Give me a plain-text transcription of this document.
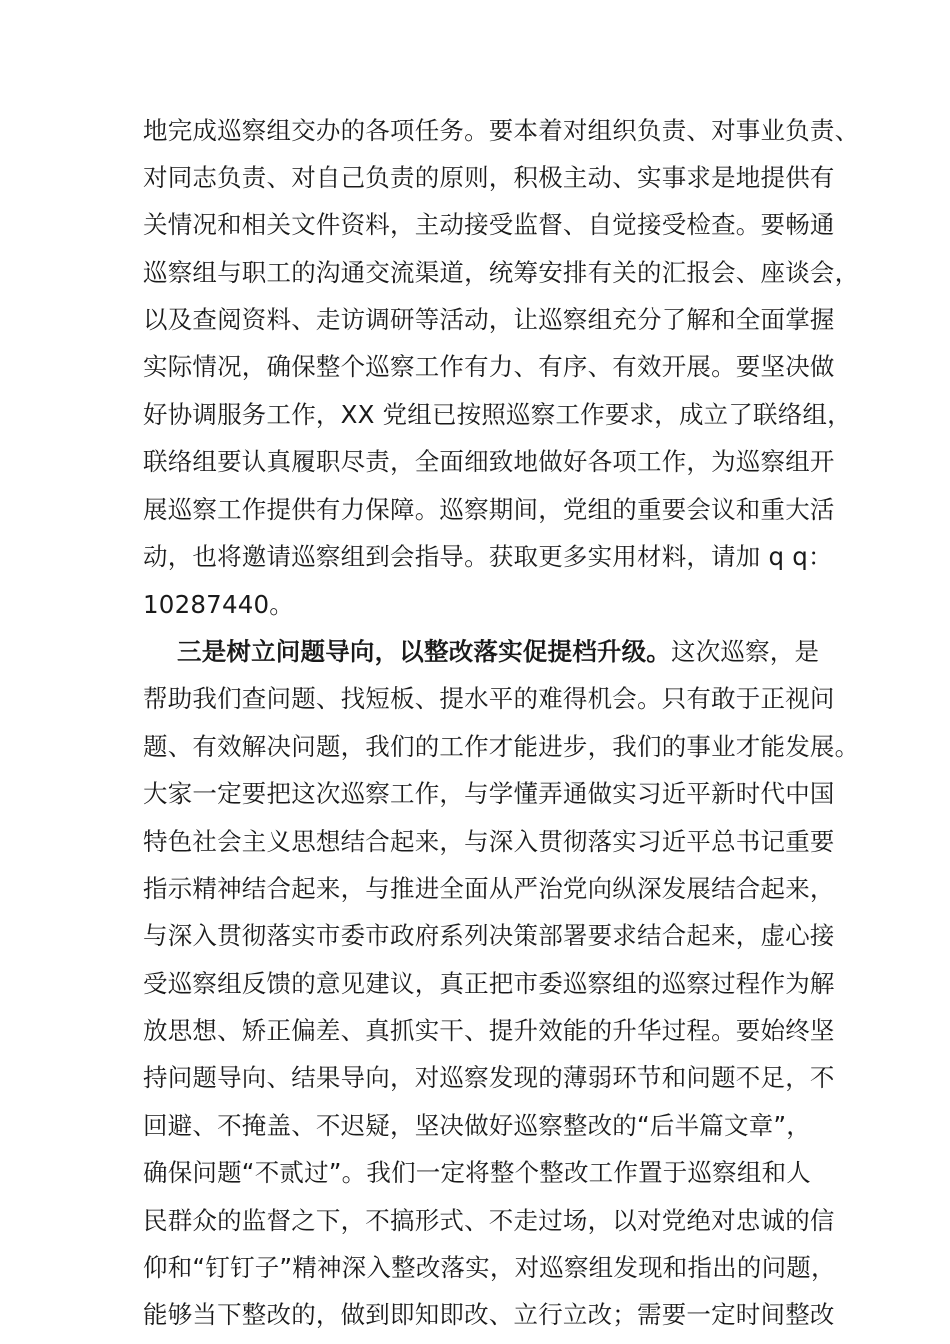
地完成巡察组交办的各项任务。要本着对组织负责、对事业负责、
对同志负责、对自己负责的原则，积极主动、实事求是地提供有
关情况和相关文件资料，主动接受监督、自觉接受检查。要畅通
巡察组与职工的沟通交流渠道，统筹安排有关的汇报会、座谈会，
以及查阅资料、走访调研等活动，让巡察组充分了解和全面掌握
实际情况，确保整个巡察工作有力、有序、有效开展。要坚决做
好协调服务工作，XX 党组已按照巡察工作要求，成立了联络组，
联络组要认真履职尽责，全面细致地做好各项工作，为巡察组开
展巡察工作提供有力保障。巡察期间，党组的重要会议和重大活
动，也将邀请巡察组到会指导。获取更多实用材料，请加 q q：
10287440。
三是树立问题导向，以整改落实促提档升级。这次巡察，是
帮助我们查问题、找短板、提水平的难得机会。只有敢于正视问
题、有效解决问题，我们的工作才能进步，我们的事业才能发展。
大家一定要把这次巡察工作，与学懂弄通做实习近平新时代中国
特色社会主义思想结合起来，与深入贯彻落实习近平总书记重要
指示精神结合起来，与推进全面从严治党向纵深发展结合起来，
与深入贯彻落实市委市政府系列决策部署要求结合起来，虚心接
受巡察组反馈的意见建议，真正把市委巡察组的巡察过程作为解
放思想、矫正偏差、真抓实干、提升效能的升华过程。要始终坚
持问题导向、结果导向，对巡察发现的薄弱环节和问题不足，不
回避、不掩盖、不迟疑，坚决做好巡察整改的“后半篇文章”，
确保问题“不贰过”。我们一定将整个整改工作置于巡察组和人
民群众的监督之下，不搞形式、不走过场，以对党绝对忠诚的信
仰和“钉钉子”精神深入整改落实，对巡察组发现和指出的问题，
能够当下整改的，做到即知即改、立行立改；需要一定时间整改
